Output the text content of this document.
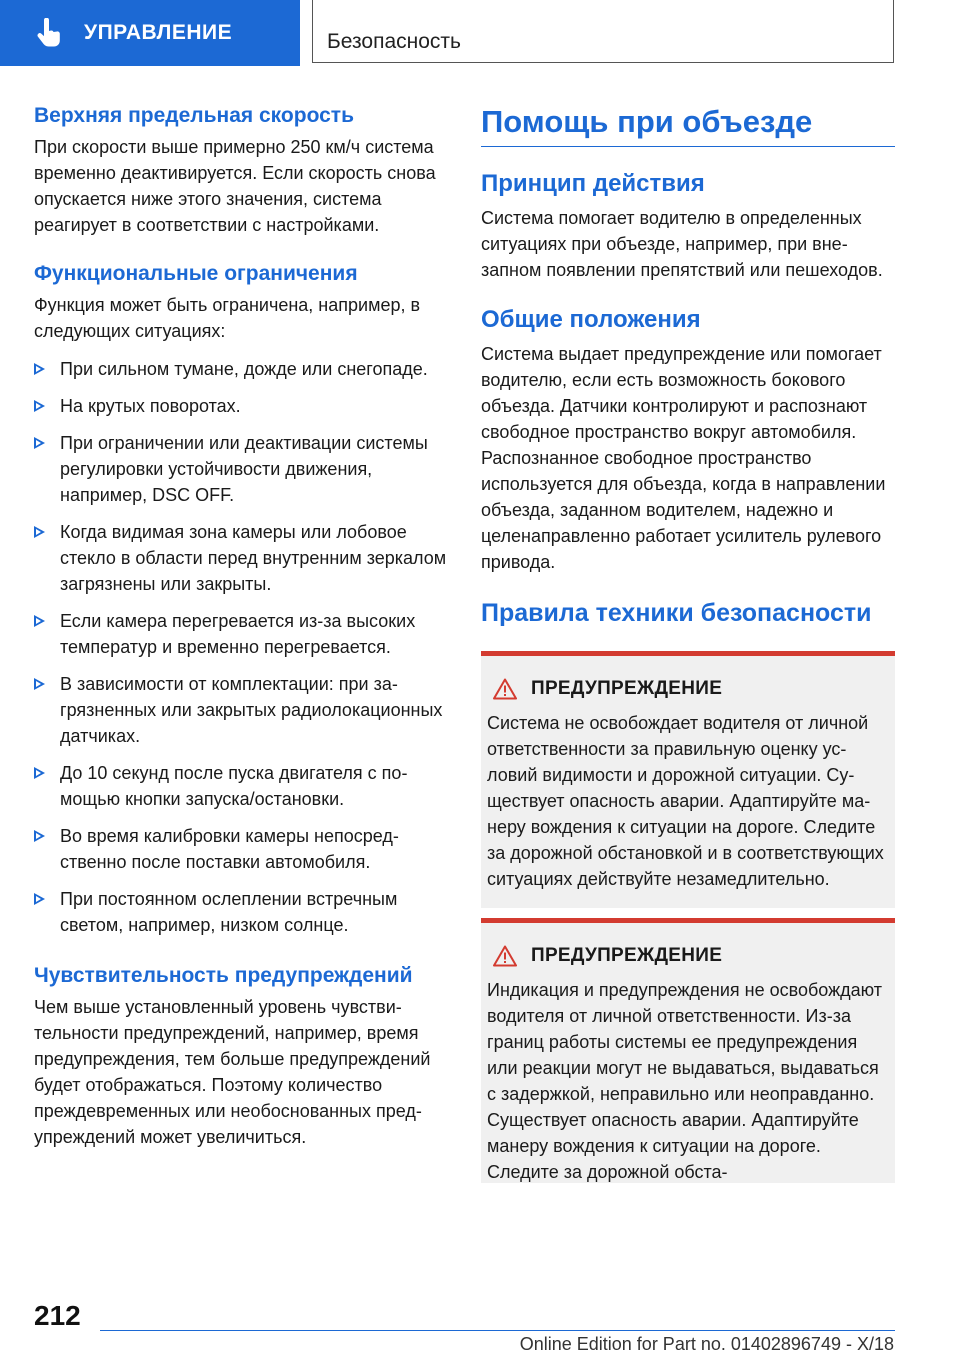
УПРАВЛЕНИЕ	Безопасность
Верхняя предельная скорость

При скорости выше примерно 250 км/ч система временно деактивируется. Если скорость снова опускается ниже этого значения, система реагирует в соответствии с настройками.

Функциональные ограничения

Функция может быть ограничена, например, в следующих ситуациях:

При сильном тумане, дожде или снегопаде.
На крутых поворотах.
При ограничении или деактивации системы регулировки устойчивости движения, например, DSC OFF.
Когда видимая зона камеры или лобовое стекло в области перед внутренним зеркалом загрязнены или закрыты.
Если камера перегревается из-за высоких температур и временно перегревается.
В зависимости от комплектации: при загрязненных или закрытых радиолокационных датчиках.
До 10 секунд после пуска двигателя с помощью кнопки запуска/остановки.
Во время калибровки камеры непосредственно после поставки автомобиля.
При постоянном ослеплении встречным светом, например, низком солнце.
Чувствительность предупреждений

Чем выше установленный уровень чувствительности предупреждений, например, время предупреждения, тем больше предупреждений будет отображаться. Поэтому количество преждевременных или необоснованных предупреждений может увеличиться.

Помощь при объезде
Принцип действия

Система помогает водителю в определенных ситуациях при объезде, например, при внезапном появлении препятствий или пешеходов.

Общие положения

Система выдает предупреждение или помогает водителю, если есть возможность бокового объезда. Датчики контролируют и распознают свободное пространство вокруг автомобиля. Распознанное свободное пространство используется для объезда, когда в направлении объезда, заданном водителем, надежно и целенаправленно работает усилитель рулевого привода.

Правила техники безопасности
ПРЕДУПРЕЖДЕНИЕ

Система не освобождает водителя от личной ответственности за правильную оценку условий видимости и дорожной ситуации. Существует опасность аварии. Адаптируйте манеру вождения к ситуации на дороге. Следите за дорожной обстановкой и в соответствующих ситуациях действуйте незамедлительно.

ПРЕДУПРЕЖДЕНИЕ

Индикация и предупреждения не освобождают водителя от личной ответственности. Из-за границ работы системы ее предупреждения или реакции могут не выдаваться, выдаваться с задержкой, неправильно или неоправданно. Существует опасность аварии. Адаптируйте манеру вождения к ситуации на дороге. Следите за дорожной обста-

212
Online Edition for Part no. 01402896749 - X/18
